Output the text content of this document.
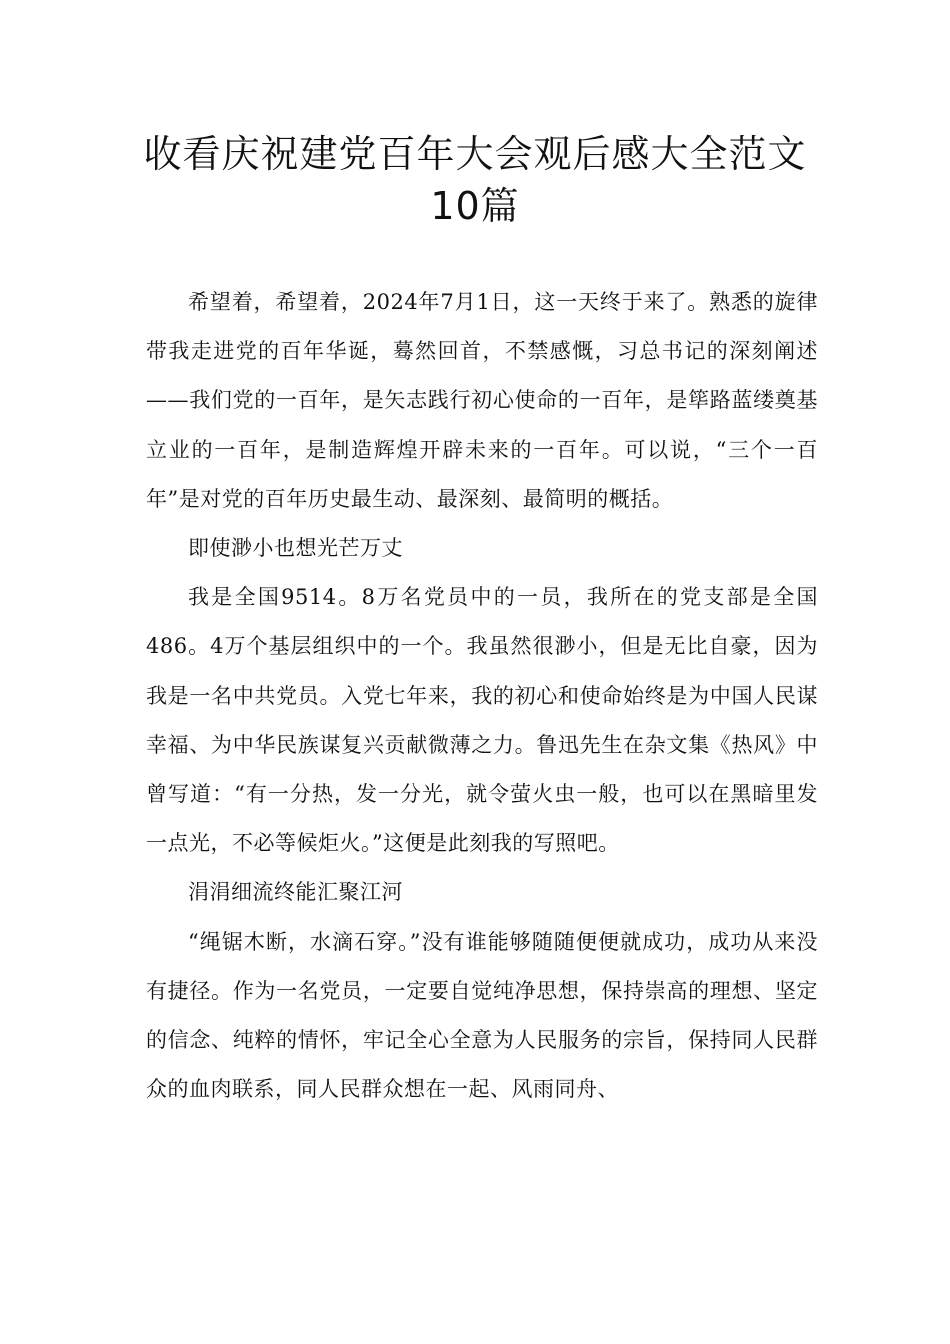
收看庆祝建党百年大会观后感大全范文
10篇

希望着，希望着，2024年7月1日，这一天终于来了。熟悉的旋律带我走进党的百年华诞，蓦然回首，不禁感慨，习总书记的深刻阐述——我们党的一百年，是矢志践行初心使命的一百年，是筚路蓝缕奠基立业的一百年，是制造辉煌开辟未来的一百年。可以说，“三个一百年”是对党的百年历史最生动、最深刻、最简明的概括。

即使渺小也想光芒万丈

我是全国9514。8万名党员中的一员，我所在的党支部是全国486。4万个基层组织中的一个。我虽然很渺小，但是无比自豪，因为我是一名中共党员。入党七年来，我的初心和使命始终是为中国人民谋幸福、为中华民族谋复兴贡献微薄之力。鲁迅先生在杂文集《热风》中曾写道：“有一分热，发一分光，就令萤火虫一般，也可以在黑暗里发一点光，不必等候炬火。”这便是此刻我的写照吧。

涓涓细流终能汇聚江河

“绳锯木断，水滴石穿。”没有谁能够随随便便就成功，成功从来没有捷径。作为一名党员，一定要自觉纯净思想，保持崇高的理想、坚定的信念、纯粹的情怀，牢记全心全意为人民服务的宗旨，保持同人民群众的血肉联系，同人民群众想在一起、风雨同舟、
